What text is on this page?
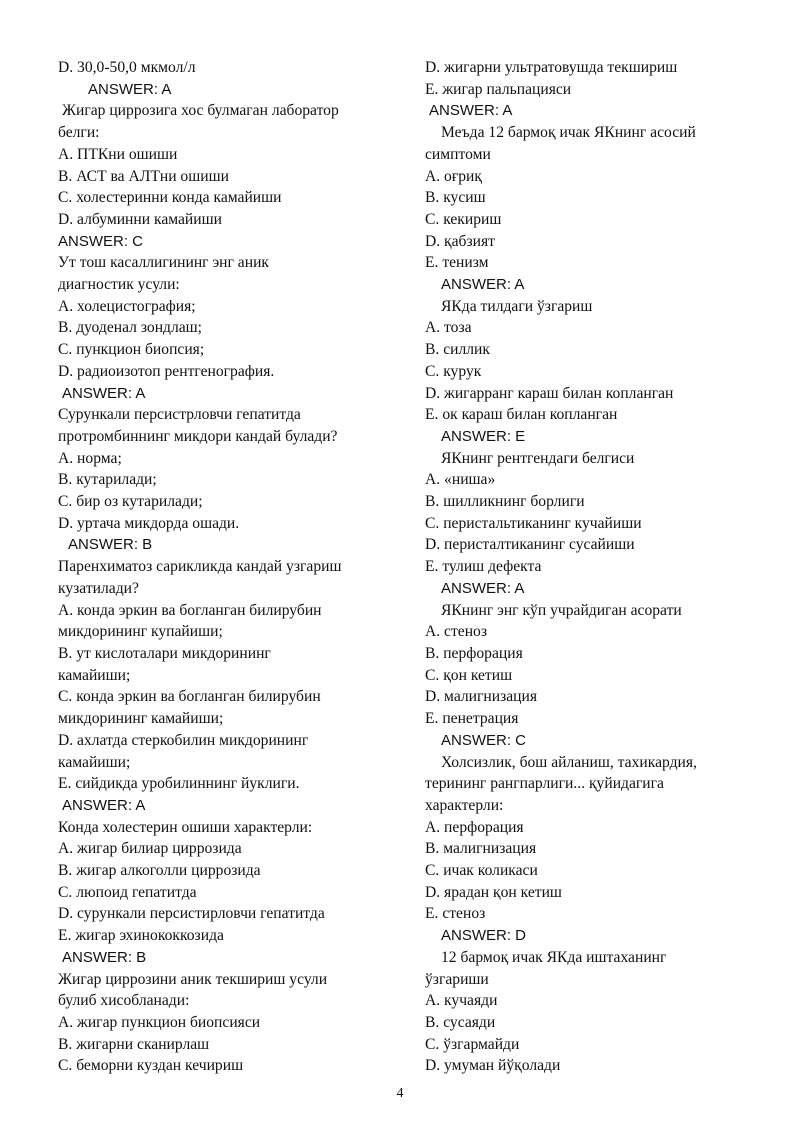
D. 30,0-50,0 мкмол/л

ANSWER: A

Жигар циррозига хос булмаган лаборатор

белги:

A. ПТКни ошиши

B. АСТ ва АЛТни ошиши

C. холестеринни конда камайиши

D. албуминни камайиши

ANSWER: C

Ут тош касаллигининг энг аник

диагностик усули:

A. холецистография;

B. дуоденал зондлаш;

C. пункцион биопсия;

D. радиоизотоп рентгенография.

ANSWER: A

Сурункали персистрловчи гепатитда

протромбиннинг микдори кандай булади?

A. норма;

B. кутарилади;

C. бир оз кутарилади;

D. уртача микдорда ошади.

ANSWER: B

Паренхиматоз сарикликда кандай узгариш

кузатилади?

A. конда эркин ва богланган билирубин

микдорининг купайиши;

B. ут кислоталари микдорининг

камайиши;

C. конда эркин ва богланган билирубин

микдорининг камайиши;

D. ахлатда стеркобилин микдорининг

камайиши;

E. сийдикда уробилиннинг йуклиги.

ANSWER: A

Конда холестерин ошиши характерли:

A. жигар билиар циррозида

B. жигар алкоголли циррозида

C. люпоид гепатитда

D. сурункали персистирловчи гепатитда

E. жигар эхинококкозида

ANSWER: B

Жигар циррозини аник текшириш усули

булиб хисобланади:

A. жигар пункцион биопсияси

B. жигарни сканирлаш

C. беморни куздан кечириш

D. жигарни ультратовушда текшириш

E. жигар пальпацияси

ANSWER: A

Меъда 12 бармоқ ичак ЯКнинг асосий

симптоми

A. оғриқ

B. кусиш

C. кекириш

D. қабзият

E. тенизм

ANSWER: A

ЯКда тилдаги ўзгариш

A. тоза

B. силлик

C. курук

D. жигарранг караш билан копланган

E. ок караш билан копланган

ANSWER: E

ЯКнинг рентгендаги белгиси

A. «ниша»

B. шилликнинг борлиги

C. перистальтиканинг кучайиши

D. перисталтиканинг сусайиши

E. тулиш дефекта

ANSWER: A

ЯКнинг энг кўп учрайдиган асорати

A. стеноз

B. перфорация

C. қон кетиш

D. малигнизация

E. пенетрация

ANSWER: C

Холсизлик, бош айланиш, тахикардия,

терининг рангпарлиги... қуйидагига

характерли:

A. перфорация

B. малигнизация

C. ичак коликаси

D. ярадан қон кетиш

E. стеноз

ANSWER: D

12 бармоқ ичак ЯКда иштаханинг

ўзгариши

A. кучаяди

B. сусаяди

C. ўзгармайди

D. умуман йўқолади

4
